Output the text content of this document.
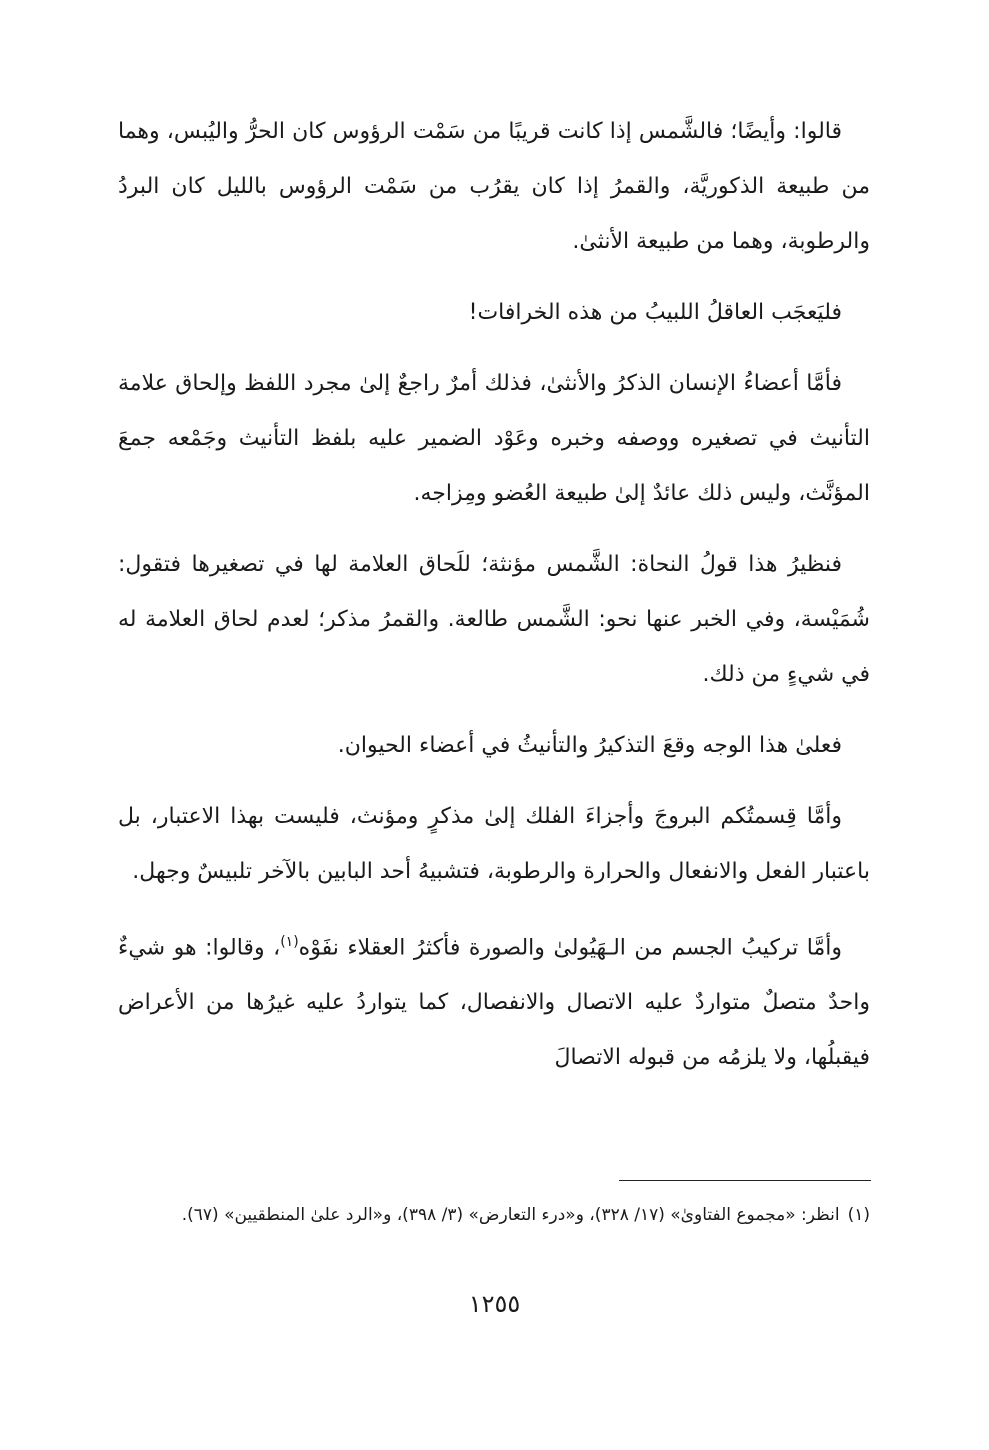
قالوا: وأيضًا؛ فالشَّمس إذا كانت قريبًا من سَمْت الرؤوس كان الحرُّ واليُبس، وهما من طبيعة الذكوريَّة، والقمرُ إذا كان يقرُب من سَمْت الرؤوس بالليل كان البردُ والرطوبة، وهما من طبيعة الأنثىٰ.

فليَعجَب العاقلُ اللبيبُ من هذه الخرافات!

فأمَّا أعضاءُ الإنسان الذكرُ والأنثىٰ، فذلك أمرٌ راجعٌ إلىٰ مجرد اللفظ وإلحاق علامة التأنيث في تصغيره ووصفه وخبره وعَوْد الضمير عليه بلفظ التأنيث وجَمْعه جمعَ المؤنَّث، وليس ذلك عائدٌ إلىٰ طبيعة العُضو ومِزاجه.

فنظيرُ هذا قولُ النحاة: الشَّمس مؤنثة؛ للَحاق العلامة لها في تصغيرها فتقول: شُمَيْسة، وفي الخبر عنها نحو: الشَّمس طالعة. والقمرُ مذكر؛ لعدم لحاق العلامة له في شيءٍ من ذلك.

فعلىٰ هذا الوجه وقعَ التذكيرُ والتأنيثُ في أعضاء الحيوان.

وأمَّا قِسمتُكم البروجَ وأجزاءَ الفلك إلىٰ مذكرٍ ومؤنث، فليست بهذا الاعتبار، بل باعتبار الفعل والانفعال والحرارة والرطوبة، فتشبيهُ أحد البابين بالآخر تلبيسٌ وجهل.

وأمَّا تركيبُ الجسم من الـهَيُولىٰ والصورة فأكثرُ العقلاء نفَوْه$^{(١)}$، وقالوا: هو شيءٌ واحدٌ متصلٌ متواردٌ عليه الاتصال والانفصال، كما يتواردُ عليه غيرُها من الأعراض فيقبلُها، ولا يلزمُه من قبوله الاتصالَ

(١)انظر: «مجموع الفتاوىٰ» (١٧/ ٣٢٨)، و«درء التعارض» (٣/ ٣٩٨)، و«الرد علىٰ المنطقيين» (٦٧).
١٢٥٥
